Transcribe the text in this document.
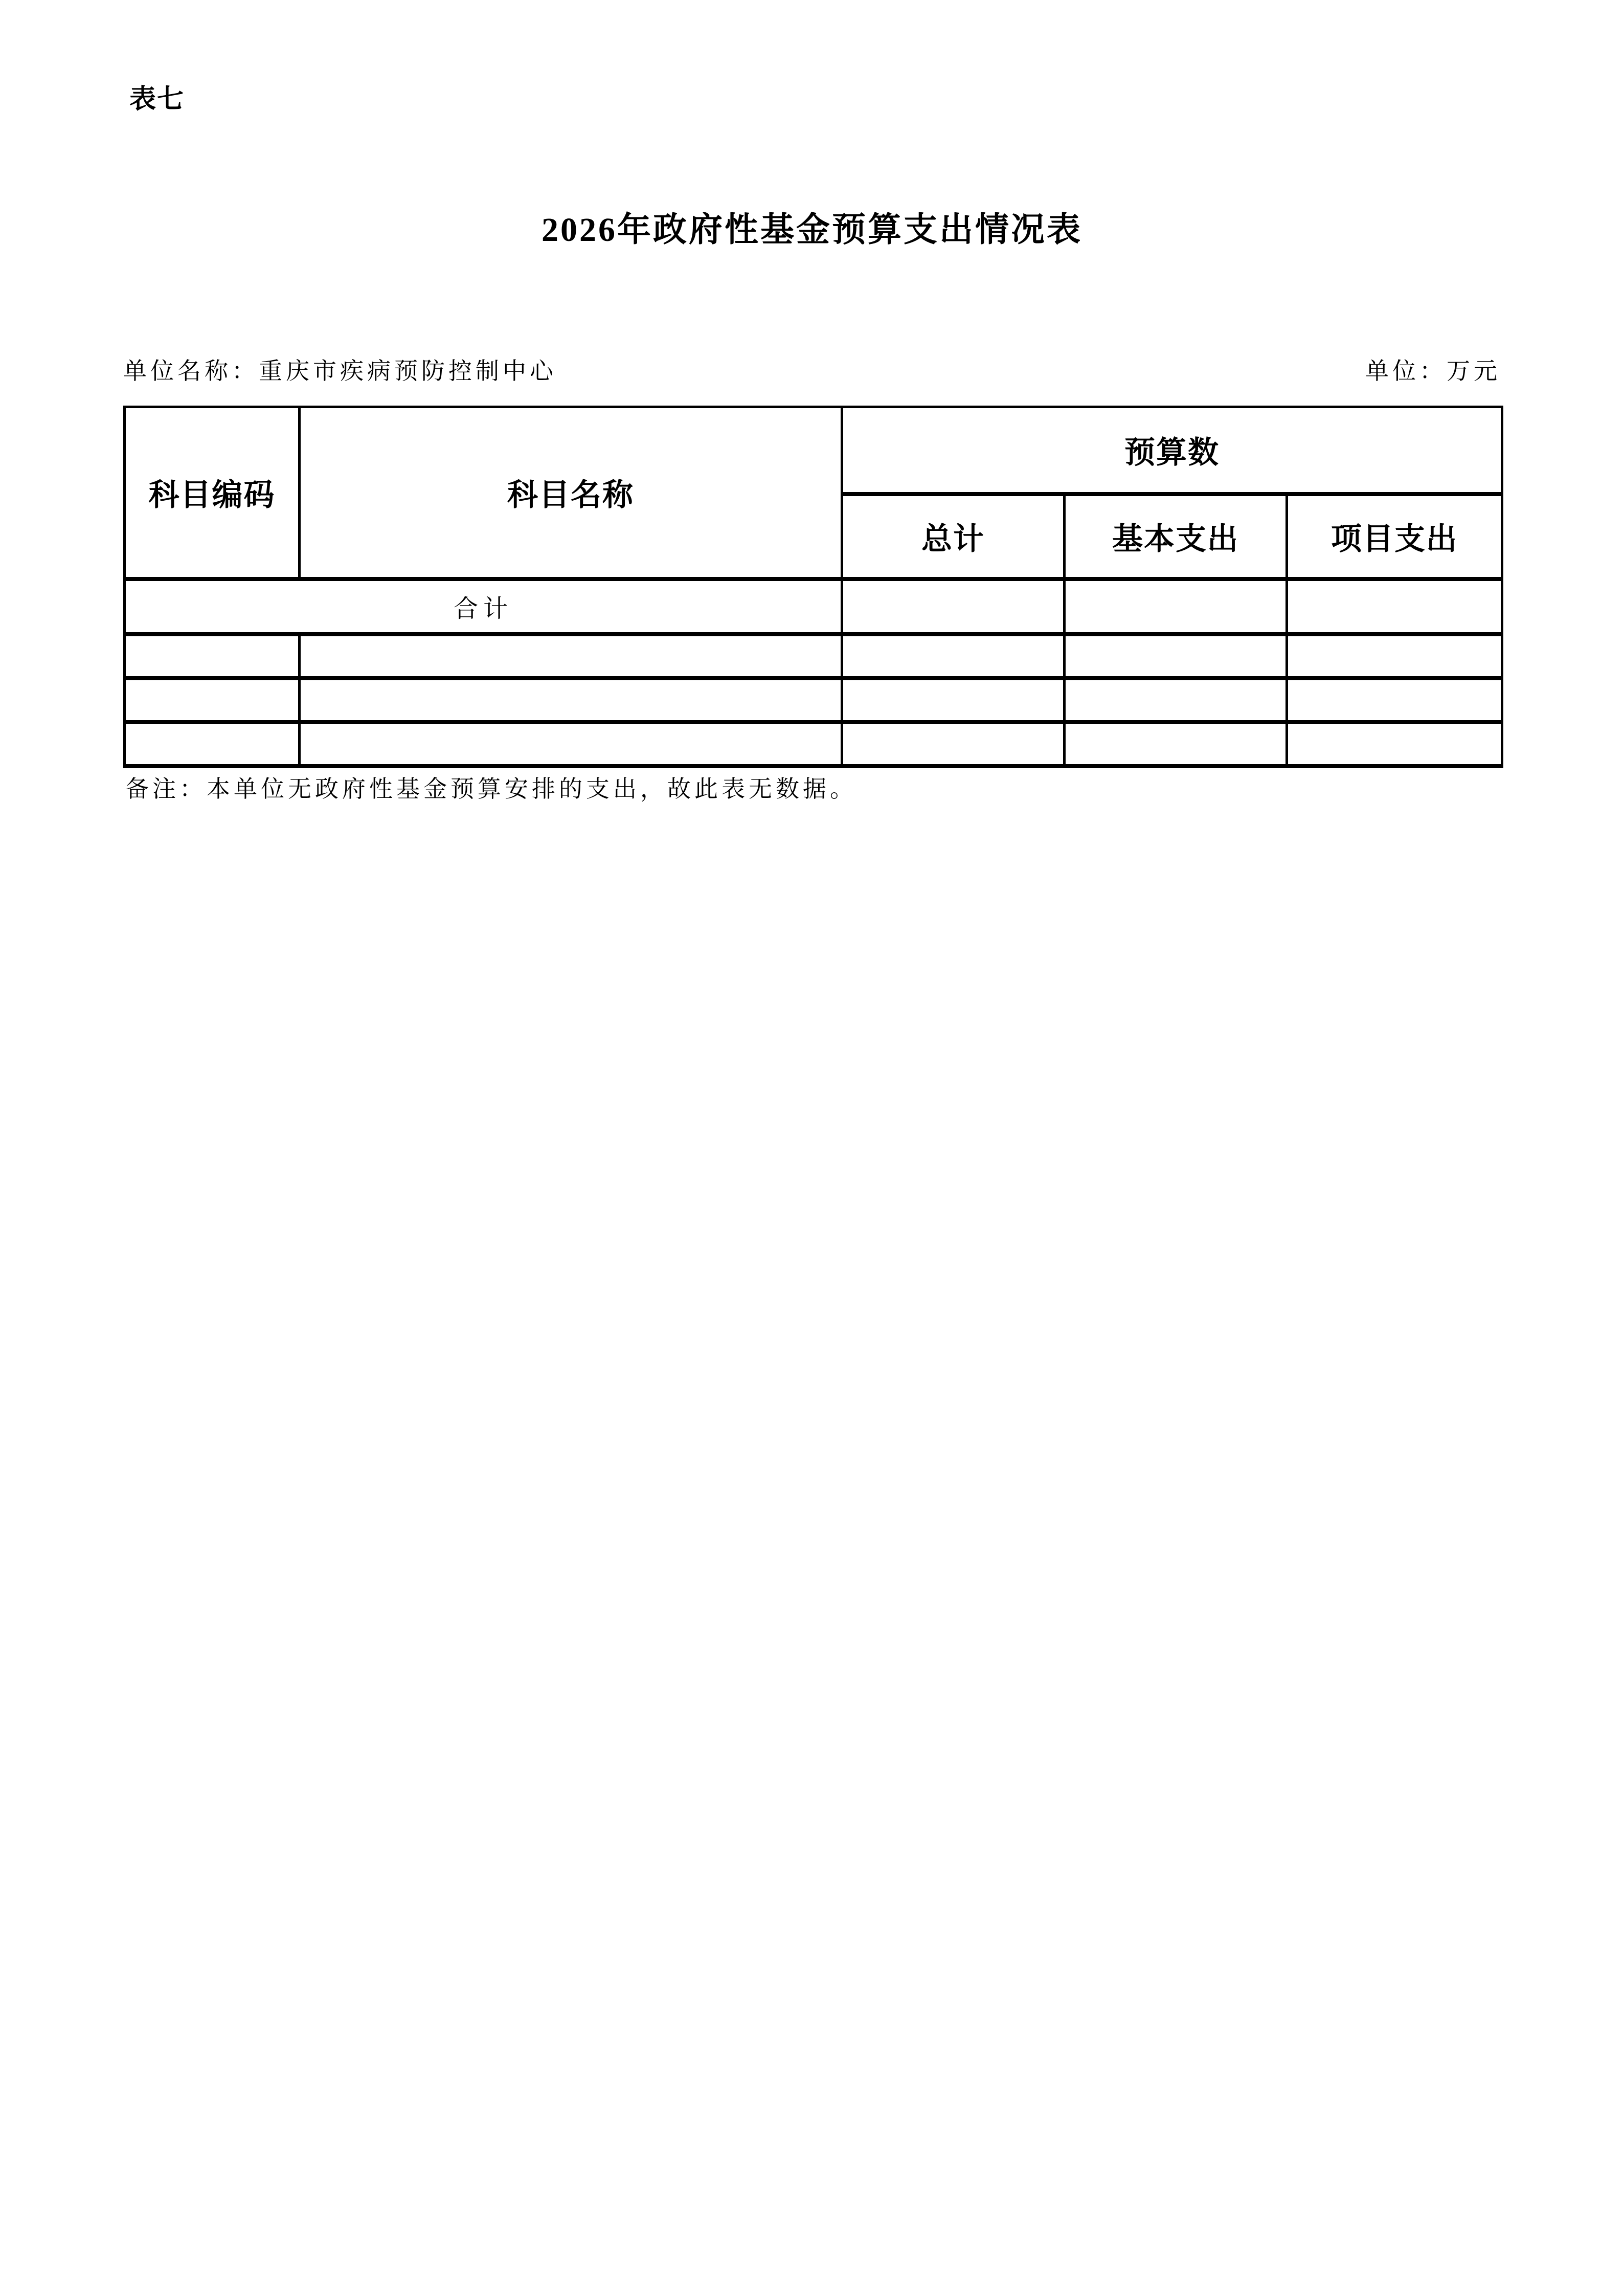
表七
2026年政府性基金预算支出情况表
单位名称：重庆市疾病预防控制中心	单位：万元
科目编码	科目名称	预算数		
		总计	基本支出	项目支出
合计				

备注：本单位无政府性基金预算安排的支出，故此表无数据。
